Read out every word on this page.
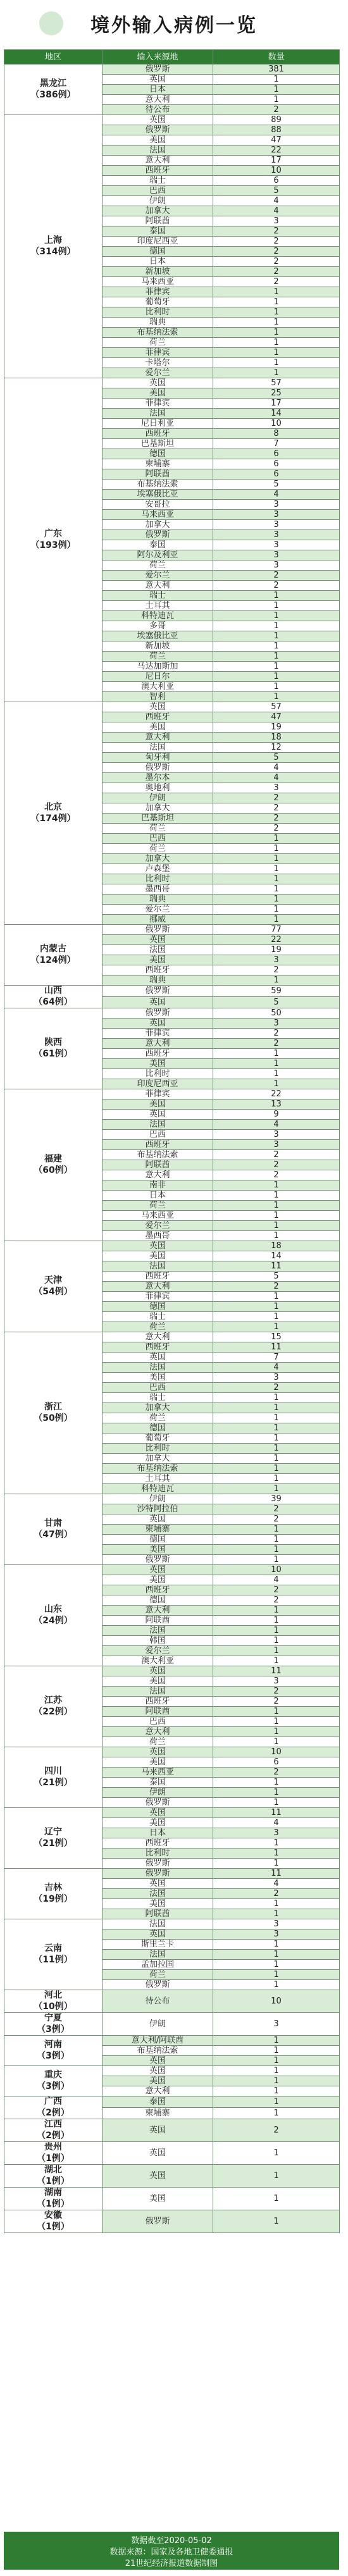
境外输入病例一览
地区	输入来源地	数量

黑龙江
（386例）	俄罗斯	381
	英国	1
	日本	1
	意大利	1
	待公布	2

上海
（314例）	英国	89
	俄罗斯	88
	美国	47
	法国	22
	意大利	17
	西班牙	10
	瑞士	6
	巴西	5
	伊朗	4
	加拿大	4
	阿联酋	3
	泰国	2
	印度尼西亚	2
	德国	2
	日本	2
	新加坡	2
	马来西亚	2
	菲律宾	1
	葡萄牙	1
	比利时	1
	瑞典	1
	布基纳法索	1
	荷兰	1
	菲律宾	1
	卡塔尔	1
	爱尔兰	1

广东
（193例）	英国	57
	美国	25
	菲律宾	17
	法国	14
	尼日利亚	10
	西班牙	8
	巴基斯坦	7
	德国	6
	柬埔寨	6
	阿联酋	6
	布基纳法索	5
	埃塞俄比亚	4
	安哥拉	3
	马来西亚	3
	加拿大	3
	俄罗斯	3
	泰国	3
	阿尔及利亚	3
	荷兰	3
	爱尔兰	2
	意大利	2
	瑞士	1
	土耳其	1
	科特迪瓦	1
	多哥	1
	埃塞俄比亚	1
	新加坡	1
	荷兰	1
	马达加斯加	1
	尼日尔	1
	澳大利亚	1
	智利	1

北京
（174例）	英国	57
	西班牙	47
	美国	19
	意大利	18
	法国	12
	匈牙利	5
	俄罗斯	4
	墨尔本	4
	奥地利	3
	伊朗	2
	加拿大	2
	巴基斯坦	2
	荷兰	2
	巴西	1
	荷兰	1
	加拿大	1
	卢森堡	1
	比利时	1
	墨西哥	1
	瑞典	1
	爱尔兰	1
	挪威	1

内蒙古
（124例）	俄罗斯	77
	英国	22
	法国	19
	美国	3
	西班牙	2
	瑞典	1

山西
（64例）	俄罗斯	59
	英国	5

陕西
（61例）	俄罗斯	50
	英国	3
	菲律宾	2
	意大利	2
	西班牙	1
	美国	1
	比利时	1
	印度尼西亚	1

福建
（60例）	菲律宾	22
	美国	13
	英国	9
	法国	4
	巴西	3
	西班牙	3
	布基纳法索	2
	阿联酋	2
	意大利	2
	南非	1
	日本	1
	荷兰	1
	马来西亚	1
	爱尔兰	1
	墨西哥	1

天津
（54例）	英国	18
	美国	14
	法国	11
	西班牙	5
	意大利	2
	菲律宾	1
	德国	1
	瑞士	1
	荷兰	1

浙江
（50例）	意大利	15
	西班牙	11
	英国	7
	法国	4
	美国	3
	巴西	2
	瑞士	1
	加拿大	1
	荷兰	1
	德国	1
	葡萄牙	1
	比利时	1
	加拿大	1
	布基纳法索	1
	土耳其	1
	科特迪瓦	1

甘肃
（47例）	伊朗	39
	沙特阿拉伯	2
	英国	2
	柬埔寨	1
	德国	1
	美国	1
	俄罗斯	1

山东
（24例）	英国	10
	美国	4
	西班牙	2
	德国	2
	意大利	1
	阿联酋	1
	法国	1
	韩国	1
	爱尔兰	1
	澳大利亚	1

江苏
（22例）	英国	11
	美国	3
	法国	2
	西班牙	2
	阿联酋	1
	巴西	1
	意大利	1
	荷兰	1

四川
（21例）	英国	10
	美国	6
	马来西亚	2
	泰国	1
	伊朗	1
	俄罗斯	1

辽宁
（21例）	英国	11
	美国	4
	日本	3
	西班牙	1
	比利时	1
	俄罗斯	1

吉林
（19例）	俄罗斯	11
	英国	4
	法国	2
	美国	1
	阿联酋	1

云南
（11例）	法国	3
	英国	3
	斯里兰卡	1
	法国	1
	孟加拉国	1
	荷兰	1
	俄罗斯	1

河北
（10例）	待公布	10

宁夏
（3例）	伊朗	3

河南
（3例）	意大利/阿联酋	1
	布基纳法索	1
	英国	1

重庆
（3例）	英国	1
	美国	1
	意大利	1

广西
（2例）	泰国	1
	柬埔寨	1

江西
（2例）	英国	2

贵州
（1例）	英国	1

湖北
（1例）	英国	1

湖南
（1例）	美国	1

安徽
（1例）	俄罗斯	1
数据截至2020-05-02
数据来源：国家及各地卫健委通报
21世纪经济报道数据制图
